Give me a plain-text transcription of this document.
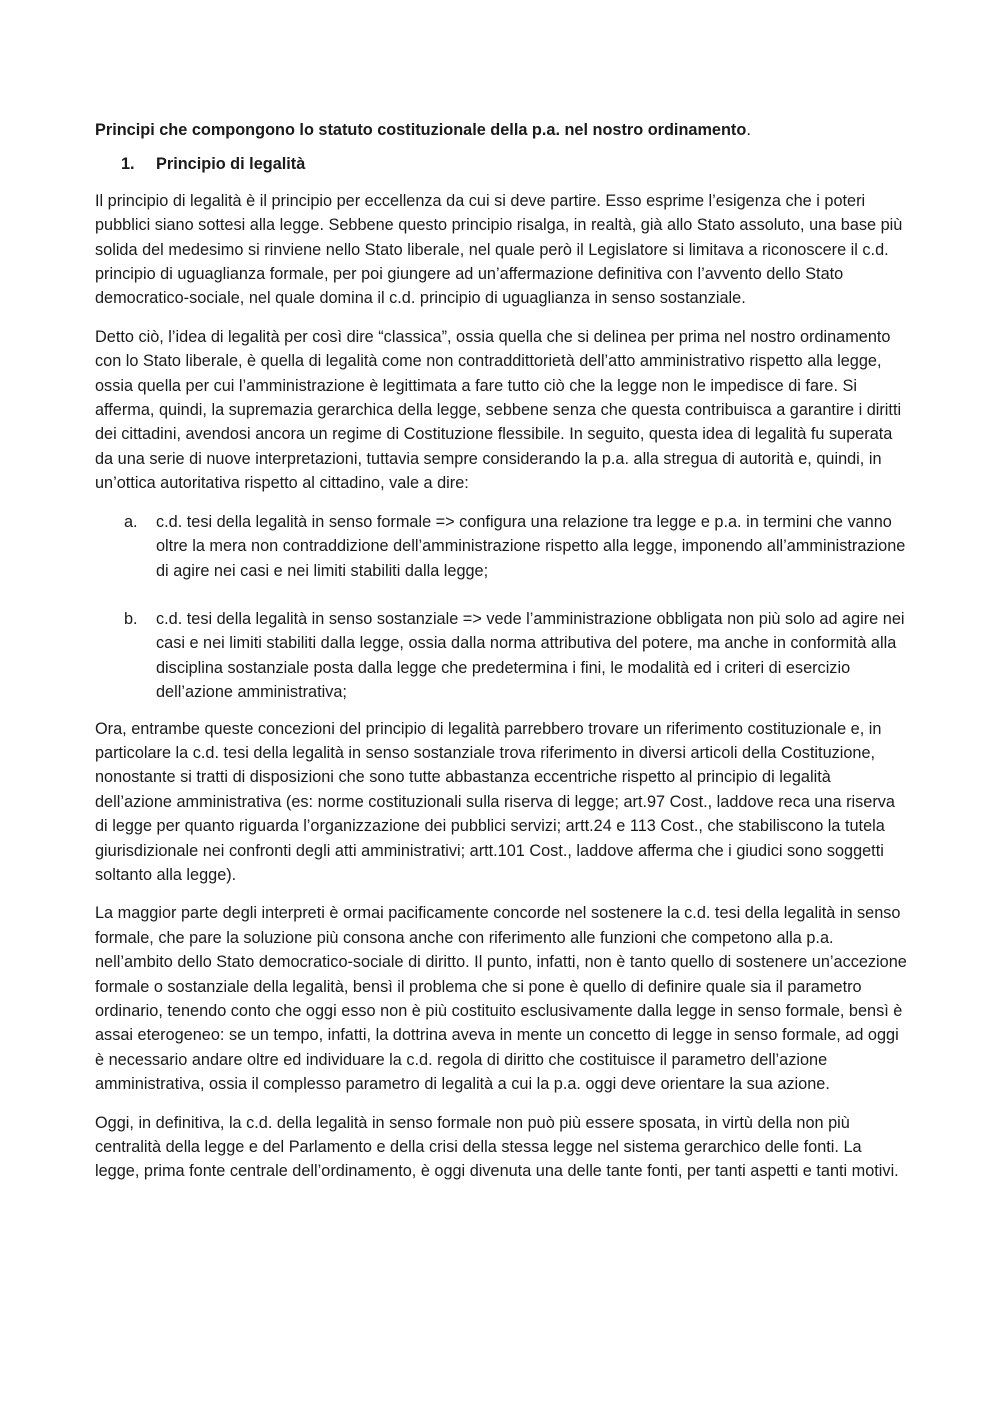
Principi che compongono lo statuto costituzionale della p.a. nel nostro ordinamento.

1.	Principio di legalità

Il principio di legalità è il principio per eccellenza da cui si deve partire. Esso esprime l’esigenza che i poteri pubblici siano sottesi alla legge. Sebbene questo principio risalga, in realtà, già allo Stato assoluto, una base più solida del medesimo si rinviene nello Stato liberale, nel quale però il Legislatore si limitava a riconoscere il c.d. principio di uguaglianza formale, per poi giungere ad un’affermazione definitiva con l’avvento dello Stato democratico-sociale, nel quale domina il c.d. principio di uguaglianza in senso sostanziale.

Detto ciò, l’idea di legalità per così dire “classica”, ossia quella che si delinea per prima nel nostro ordinamento con lo Stato liberale, è quella di legalità come non contraddittorietà dell’atto amministrativo rispetto alla legge, ossia quella per cui l’amministrazione è legittimata a fare tutto ciò che la legge non le impedisce di fare. Si afferma, quindi, la supremazia gerarchica della legge, sebbene senza che questa contribuisca a garantire i diritti dei cittadini, avendosi ancora un regime di Costituzione flessibile. In seguito, questa idea di legalità fu superata da una serie di nuove interpretazioni, tuttavia sempre considerando la p.a. alla stregua di autorità e, quindi, in un’ottica autoritativa rispetto al cittadino, vale a dire:

a.	c.d. tesi della legalità in senso formale => configura una relazione tra legge e p.a. in termini che vanno oltre la mera non contraddizione dell’amministrazione rispetto alla legge, imponendo all’amministrazione di agire nei casi e nei limiti stabiliti dalla legge;
b.	c.d. tesi della legalità in senso sostanziale => vede l’amministrazione obbligata non più solo ad agire nei casi e nei limiti stabiliti dalla legge, ossia dalla norma attributiva del potere, ma anche in conformità alla disciplina sostanziale posta dalla legge che predetermina i fini, le modalità ed i criteri di esercizio dell’azione amministrativa;

Ora, entrambe queste concezioni del principio di legalità parrebbero trovare un riferimento costituzionale e, in particolare la c.d. tesi della legalità in senso sostanziale trova riferimento in diversi articoli della Costituzione, nonostante si tratti di disposizioni che sono tutte abbastanza eccentriche rispetto al principio di legalità dell’azione amministrativa (es: norme costituzionali sulla riserva di legge; art.97 Cost., laddove reca una riserva di legge per quanto riguarda l’organizzazione dei pubblici servizi; artt.24 e 113 Cost., che stabiliscono la tutela giurisdizionale nei confronti degli atti amministrativi; artt.101 Cost., laddove afferma che i giudici sono soggetti soltanto alla legge).

La maggior parte degli interpreti è ormai pacificamente concorde nel sostenere la c.d. tesi della legalità in senso formale, che pare la soluzione più consona anche con riferimento alle funzioni che competono alla p.a. nell’ambito dello Stato democratico-sociale di diritto. Il punto, infatti, non è tanto quello di sostenere un’accezione formale o sostanziale della legalità, bensì il problema che si pone è quello di definire quale sia il parametro ordinario, tenendo conto che oggi esso non è più costituito esclusivamente dalla legge in senso formale, bensì è assai eterogeneo: se un tempo, infatti, la dottrina aveva in mente un concetto di legge in senso formale, ad oggi è necessario andare oltre ed individuare la c.d. regola di diritto che costituisce il parametro dell’azione amministrativa, ossia il complesso parametro di legalità a cui la p.a. oggi deve orientare la sua azione.

Oggi, in definitiva, la c.d. della legalità in senso formale non può più essere sposata, in virtù della non più centralità della legge e del Parlamento e della crisi della stessa legge nel sistema gerarchico delle fonti. La legge, prima fonte centrale dell’ordinamento, è oggi divenuta una delle tante fonti, per tanti aspetti e tanti motivi.
